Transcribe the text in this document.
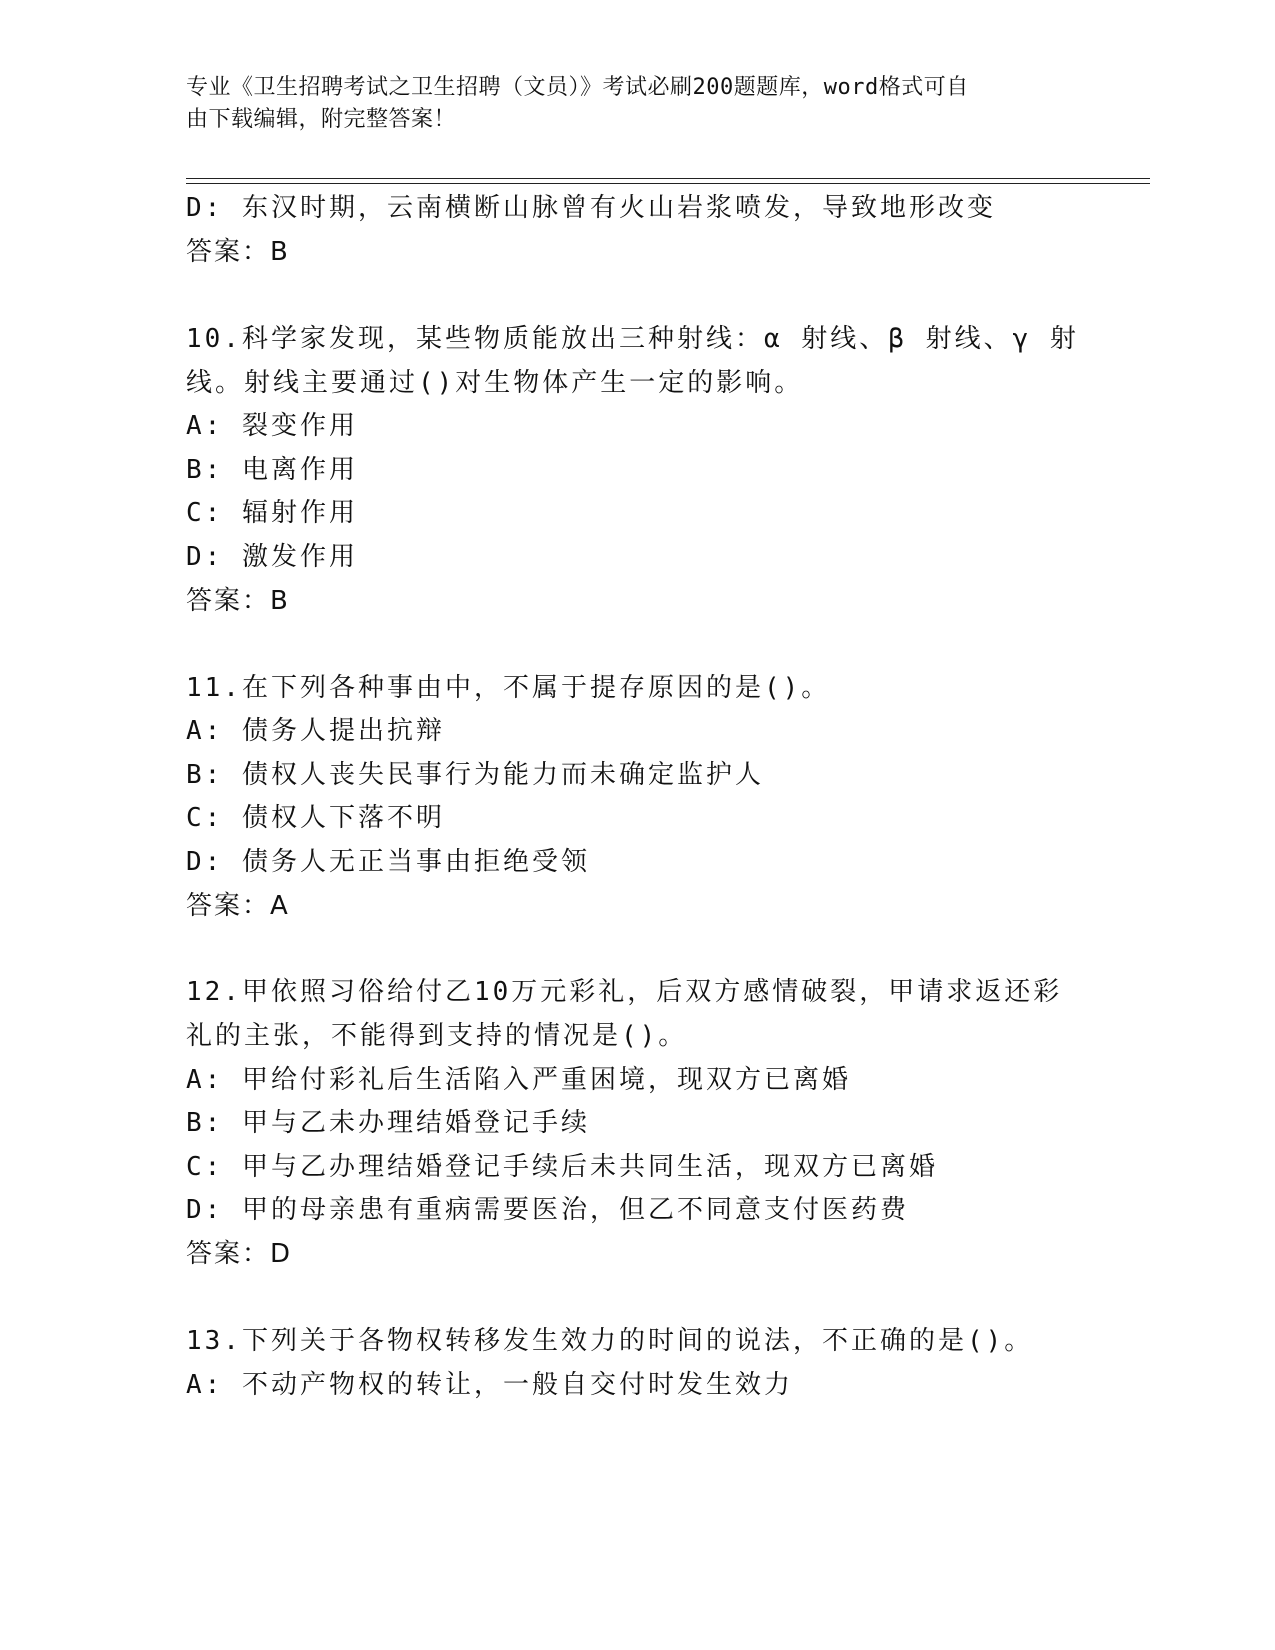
专业《卫生招聘考试之卫生招聘（文员）》考试必刷200题题库，word格式可自
由下载编辑，附完整答案！
D: 东汉时期，云南横断山脉曾有火山岩浆喷发，导致地形改变
答案：B
10.科学家发现，某些物质能放出三种射线：α 射线、β 射线、γ 射
线。射线主要通过()对生物体产生一定的影响。
A: 裂变作用
B: 电离作用
C: 辐射作用
D: 激发作用
答案：B
11.在下列各种事由中，不属于提存原因的是()。
A: 债务人提出抗辩
B: 债权人丧失民事行为能力而未确定监护人
C: 债权人下落不明
D: 债务人无正当事由拒绝受领
答案：A
12.甲依照习俗给付乙10万元彩礼，后双方感情破裂，甲请求返还彩
礼的主张，不能得到支持的情况是()。
A: 甲给付彩礼后生活陷入严重困境，现双方已离婚
B: 甲与乙未办理结婚登记手续
C: 甲与乙办理结婚登记手续后未共同生活，现双方已离婚
D: 甲的母亲患有重病需要医治，但乙不同意支付医药费
答案：D
13.下列关于各物权转移发生效力的时间的说法，不正确的是()。
A: 不动产物权的转让，一般自交付时发生效力
